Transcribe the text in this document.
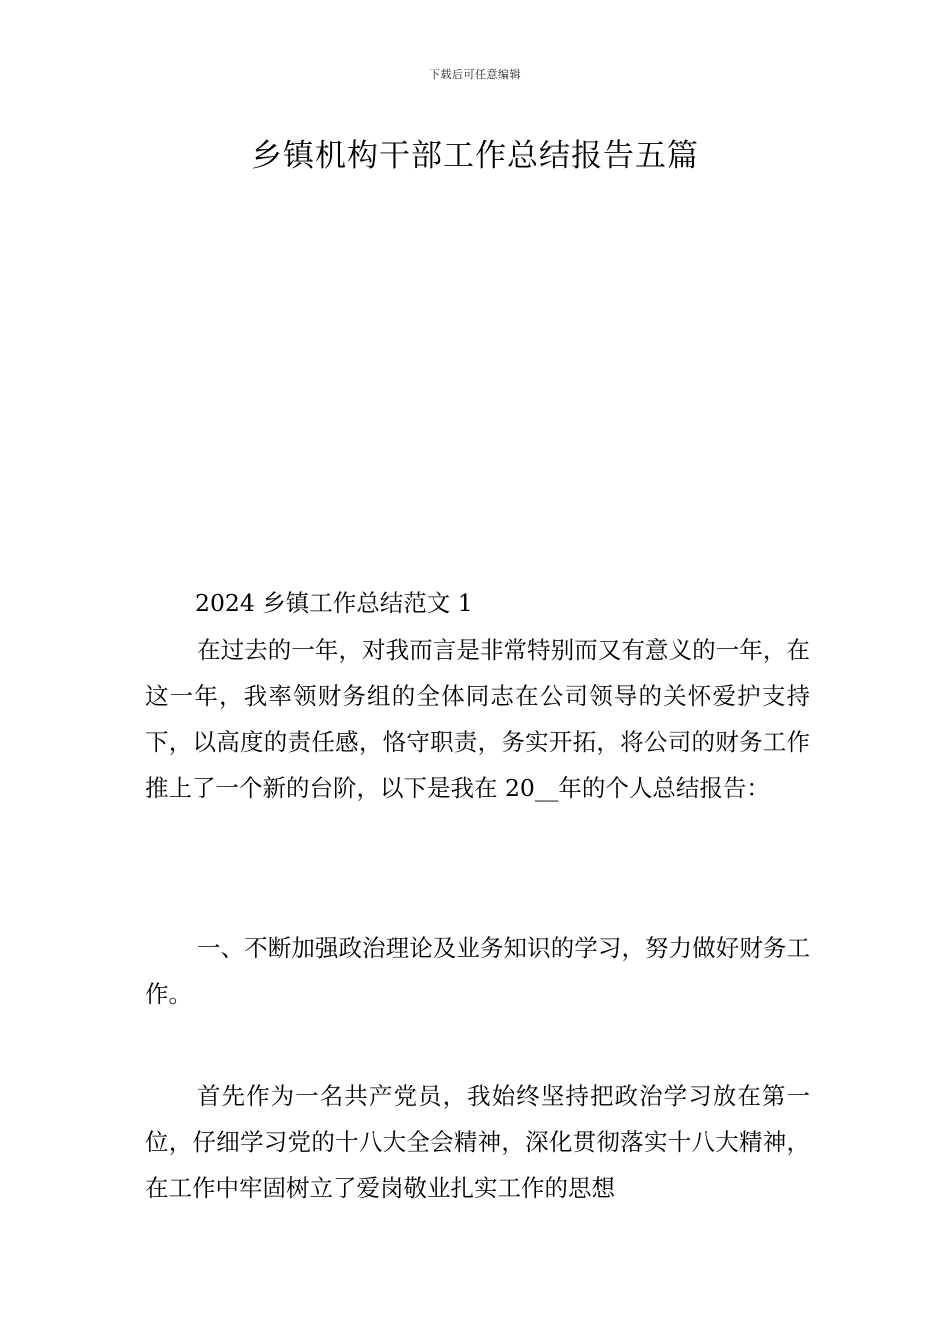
下载后可任意编辑
乡镇机构干部工作总结报告五篇
2024 乡镇工作总结范文 1

在过去的一年，对我而言是非常特别而又有意义的一年，在这一年，我率领财务组的全体同志在公司领导的关怀爱护支持下，以高度的责任感，恪守职责，务实开拓，将公司的财务工作推上了一个新的台阶，以下是我在 20__年的个人总结报告：

一、不断加强政治理论及业务知识的学习，努力做好财务工作。

首先作为一名共产党员，我始终坚持把政治学习放在第一位，仔细学习党的十八大全会精神，深化贯彻落实十八大精神，在工作中牢固树立了爱岗敬业扎实工作的思想
